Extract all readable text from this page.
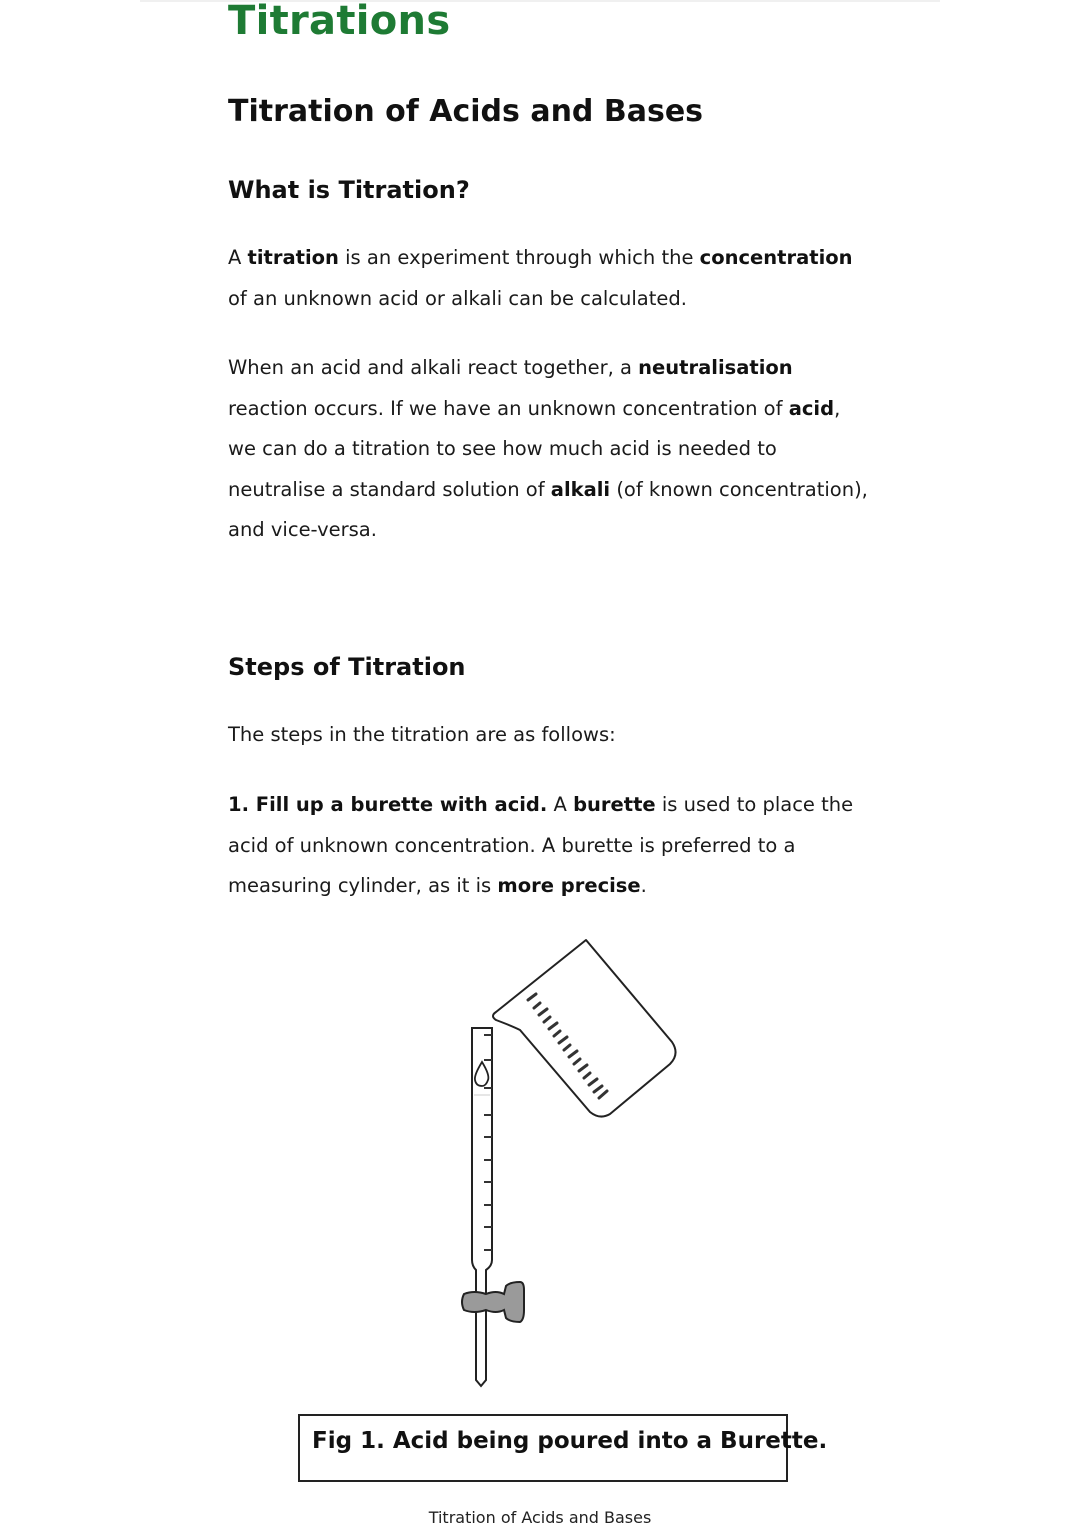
Titrations
Titration of Acids and Bases
What is Titration?

A titration is an experiment through which the concentration
of an unknown acid or alkali can be calculated.

When an acid and alkali react together, a neutralisation reaction occurs. If we have an unknown concentration of acid, we can do a titration to see how much acid is needed to neutralise a standard solution of alkali (of known concentration), and vice-versa.

Steps of Titration

The steps in the titration are as follows:

1. Fill up a burette with acid. A burette is used to place the acid of unknown concentration. A burette is preferred to a measuring cylinder, as it is more precise.

Fig 1. Acid being poured into a Burette.
Titration of Acids and Bases
